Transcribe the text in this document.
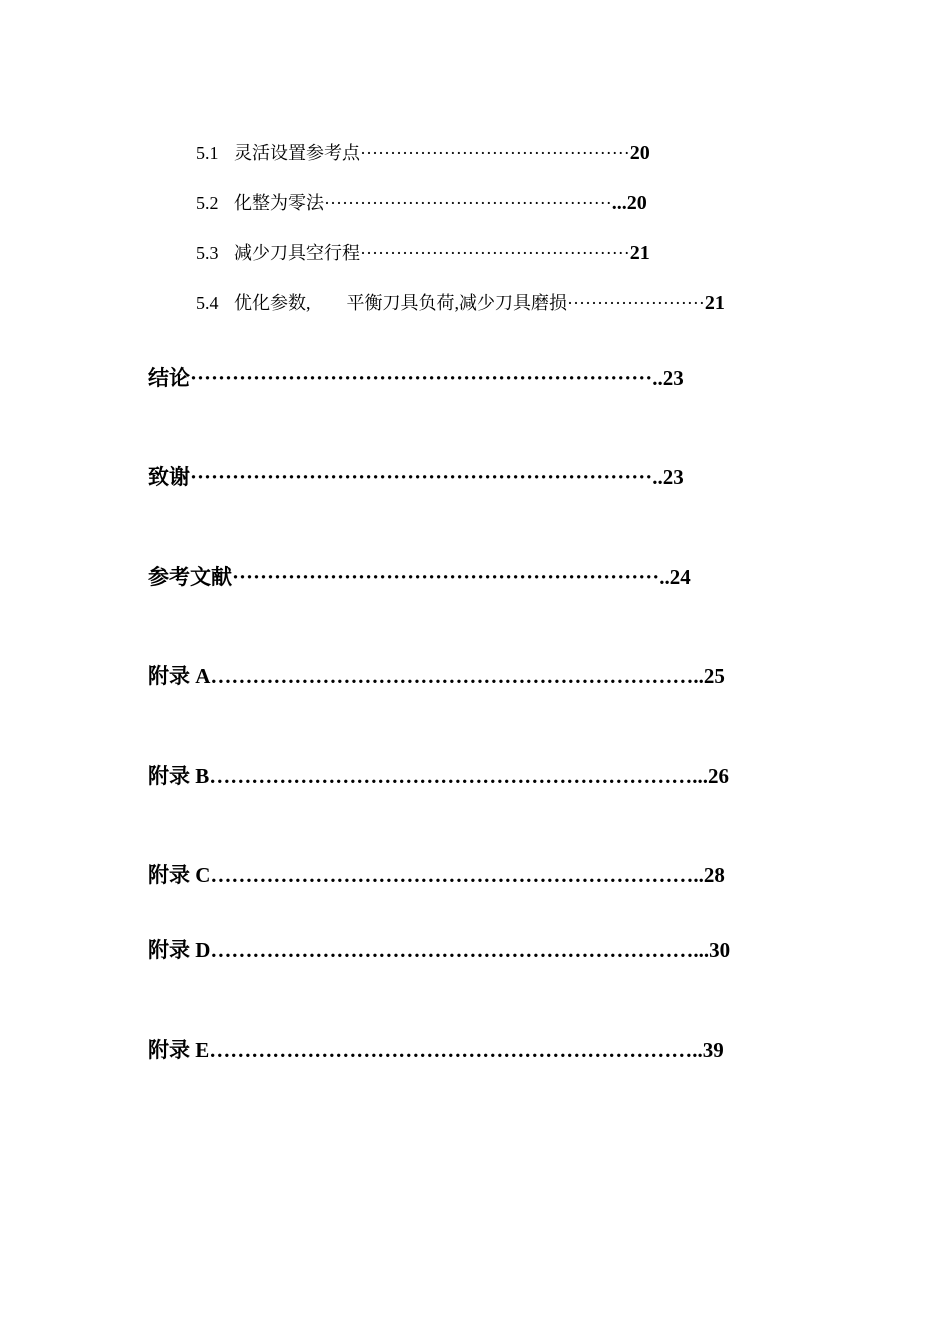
5.1 灵活设置参考点·············································20
5.2 化整为零法················································...20
5.3 减少刀具空行程·············································21
5.4 优化参数, 平衡刀具负荷,减少刀具磨损·······················21
结论··································································..23
致谢··································································..23
参考文献·····························································..24
附录 A……………………………………………………………..25
附录 B……………………………………………………………...26
附录 C……………………………………………………………..28
附录 D……………………………………………………………...30
附录 E……………………………………………………………..39
